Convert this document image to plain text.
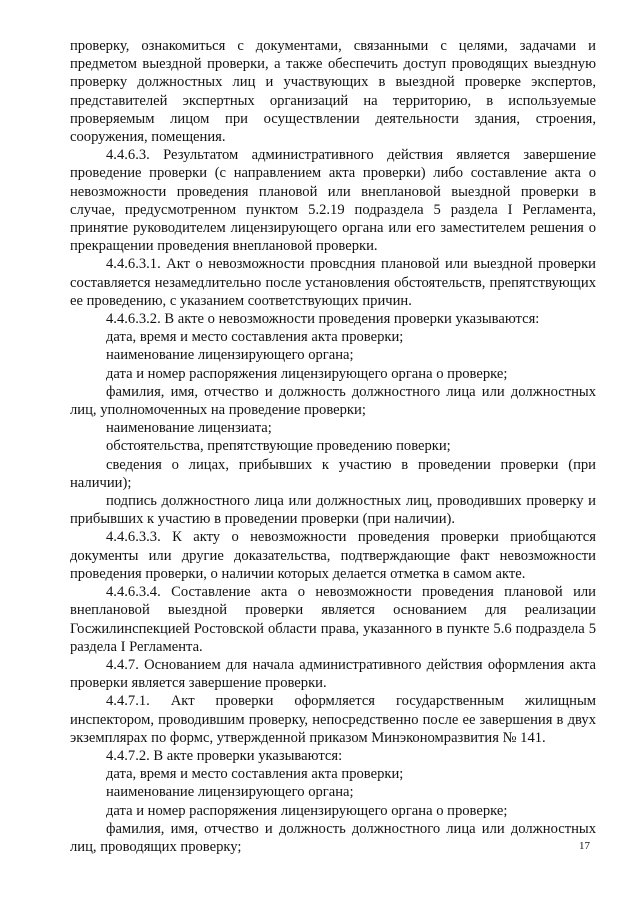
проверку, ознакомиться с документами, связанными с целями, задачами и предметом выездной проверки, а также обеспечить доступ проводящих выездную проверку должностных лиц и участвующих в выездной проверке экспертов, представителей экспертных организаций на территорию, в используемые проверяемым лицом при осуществлении деятельности здания, строения, сооружения, помещения.

4.4.6.3. Результатом административного действия является завершение проведение проверки (с направлением акта проверки) либо составление акта о невозможности проведения плановой или внеплановой выездной проверки в случае, предусмотренном пунктом 5.2.19 подраздела 5 раздела I Регламента, принятие руководителем лицензирующего органа или его заместителем решения о прекращении проведения внеплановой проверки.

4.4.6.3.1. Акт о невозможности провсдния плановой или выездной проверки составляется незамедлительно после установления обстоятельств, препятствующих ее проведению, с указанием соответствующих причин.

4.4.6.3.2. В акте о невозможности проведения проверки указываются:

дата, время и место составления акта проверки;

наименование лицензирующего органа;

дата и номер распоряжения лицензирующего органа о проверке;

фамилия, имя, отчество и должность должностного лица или должностных лиц, уполномоченных на проведение проверки;

наименование лицензиата;

обстоятельства, препятствующие проведению поверки;

сведения о лицах, прибывших к участию в проведении проверки (при наличии);

подпись должностного лица или должностных лиц, проводивших проверку и прибывших к участию в проведении проверки (при наличии).

4.4.6.3.3. К акту о невозможности проведения проверки приобщаются документы или другие доказательства, подтверждающие факт невозможности проведения проверки, о наличии которых делается отметка в самом акте.

4.4.6.3.4. Составление акта о невозможности проведения плановой или внеплановой выездной проверки является основанием для реализации Госжилинспекцией Ростовской области права, указанного в пункте 5.6 подраздела 5 раздела I Регламента.

4.4.7. Основанием для начала административного действия оформления акта проверки является завершение проверки.

4.4.7.1. Акт проверки оформляется государственным жилищным инспектором, проводившим проверку, непосредственно после ее завершения в двух экземплярах по формс, утвержденной приказом Минэкономразвития № 141.

4.4.7.2. В акте проверки указываются:

дата, время и место составления акта проверки;

наименование лицензирующего органа;

дата и номер распоряжения лицензирующего органа о проверке;

фамилия, имя, отчество и должность должностного лица или должностных лиц, проводящих проверку;	17
